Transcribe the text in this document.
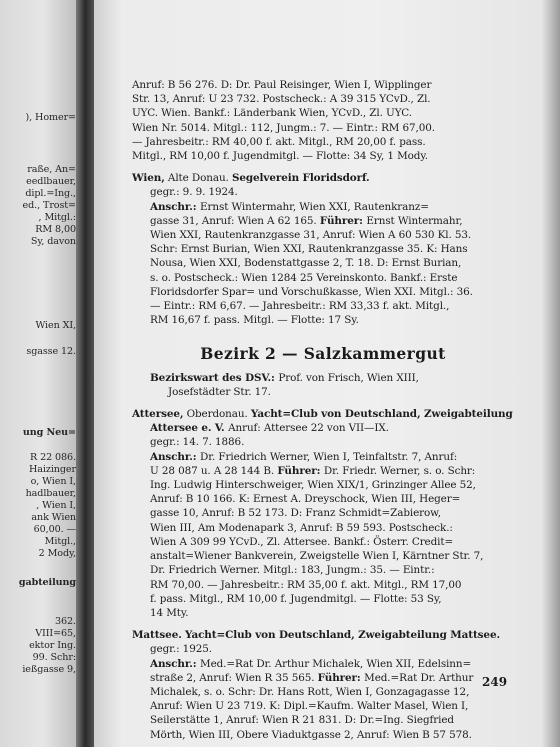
), Homer=
raße, An=
eedlbauer,
dipl.=Ing.,
ed., Trost=
, Mitgl.:
RM 8,00
Sy, davon
Wien XI,
sgasse 12.
ung Neu=
R 22 086.
Haizinger
o, Wien I,
hadlbauer,
, Wien I,
ank Wien
60,00. —
Mitgl.,
2 Mody,
gabteilung
362.
VIII=65,
ektor Ing.
99. Schr:
ießgasse 9,
Anruf: B 56 276. D: Dr. Paul Reisinger, Wien I, Wipplinger
Str. 13, Anruf: U 23 732. Postscheck.: A 39 315 YCvD., Zl.
UYC. Wien. Bankf.: Länderbank Wien, YCvD., Zl. UYC.
Wien Nr. 5014. Mitgl.: 112, Jungm.: 7. — Eintr.: RM 67,00.
— Jahresbeitr.: RM 40,00 f. akt. Mitgl., RM 20,00 f. pass.
Mitgl., RM 10,00 f. Jugendmitgl. — Flotte: 34 Sy, 1 Mody.
Wien, Alte Donau. Segelverein Floridsdorf.
gegr.: 9. 9. 1924.
Anschr.: Ernst Wintermahr, Wien XXI, Rautenkranz=
gasse 31, Anruf: Wien A 62 165. Führer: Ernst Wintermahr,
Wien XXI, Rautenkranzgasse 31, Anruf: Wien A 60 530 Kl. 53.
Schr: Ernst Burian, Wien XXI, Rautenkranzgasse 35. K: Hans
Nousa, Wien XXI, Bodenstattgasse 2, T. 18. D: Ernst Burian,
s. o. Postscheck.: Wien 1284 25 Vereinskonto. Bankf.: Erste
Floridsdorfer Spar= und Vorschußkasse, Wien XXI. Mitgl.: 36.
— Eintr.: RM 6,67. — Jahresbeitr.: RM 33,33 f. akt. Mitgl.,
RM 16,67 f. pass. Mitgl. — Flotte: 17 Sy.
Bezirk 2 — Salzkammergut
Bezirkswart des DSV.: Prof. von Frisch, Wien XIII,
Josefstädter Str. 17.
Attersee, Oberdonau. Yacht=Club von Deutschland, Zweigabteilung
Attersee e. V. Anruf: Attersee 22 von VII—IX.
gegr.: 14. 7. 1886.
Anschr.: Dr. Friedrich Werner, Wien I, Teinfaltstr. 7, Anruf:
U 28 087 u. A 28 144 B. Führer: Dr. Friedr. Werner, s. o. Schr:
Ing. Ludwig Hinterschweiger, Wien XIX/1, Grinzinger Allee 52,
Anruf: B 10 166. K: Ernest A. Dreyschock, Wien III, Heger=
gasse 10, Anruf: B 52 173. D: Franz Schmidt=Zabierow,
Wien III, Am Modenapark 3, Anruf: B 59 593. Postscheck.:
Wien A 309 99 YCvD., Zl. Attersee. Bankf.: Österr. Credit=
anstalt=Wiener Bankverein, Zweigstelle Wien I, Kärntner Str. 7,
Dr. Friedrich Werner. Mitgl.: 183, Jungm.: 35. — Eintr.:
RM 70,00. — Jahresbeitr.: RM 35,00 f. akt. Mitgl., RM 17,00
f. pass. Mitgl., RM 10,00 f. Jugendmitgl. — Flotte: 53 Sy,
14 Mty.
Mattsee. Yacht=Club von Deutschland, Zweigabteilung Mattsee.
gegr.: 1925.
Anschr.: Med.=Rat Dr. Arthur Michalek, Wien XII, Edelsinn=
straße 2, Anruf: Wien R 35 565. Führer: Med.=Rat Dr. Arthur
Michalek, s. o. Schr: Dr. Hans Rott, Wien I, Gonzagagasse 12,
Anruf: Wien U 23 719. K: Dipl.=Kaufm. Walter Masel, Wien I,
Seilerstätte 1, Anruf: Wien R 21 831. D: Dr.=Ing. Siegfried
Mörth, Wien III, Obere Viaduktgasse 2, Anruf: Wien B 57 578.
249
